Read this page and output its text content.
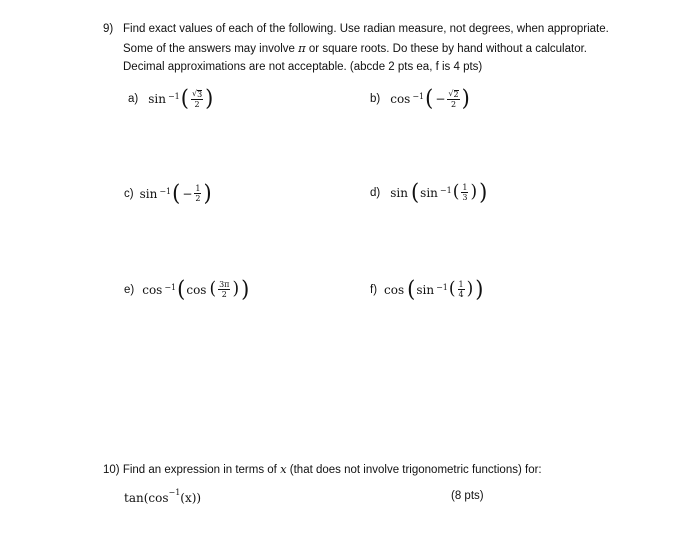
9) Find exact values of each of the following. Use radian measure, not degrees, when appropriate.
Some of the answers may involve π or square roots. Do these by hand without a calculator.
Decimal approximations are not acceptable. (abcde 2 pts ea, f is 4 pts)
a) sin $^{-1}$ ( $\frac{√ 3}{2}$ )	b) cos $^{-1}$ ( − $\frac{√ 2}{2}$ )
c) sin $^{-1}$ ( − $\frac{1}{2}$ )	d) sin ( sin $^{-1}$ ( $\frac{1}{3}$ ) )
e) cos $^{-1}$ ( cos ( $\frac{3\pi}{2}$ ) )	f) cos ( sin $^{-1}$ ( $\frac{1}{4}$ ) )
10) Find an expression in terms of x (that does not involve trigonometric functions) for:
$\tan(\cos^{-1}(x))$	(8 pts)
